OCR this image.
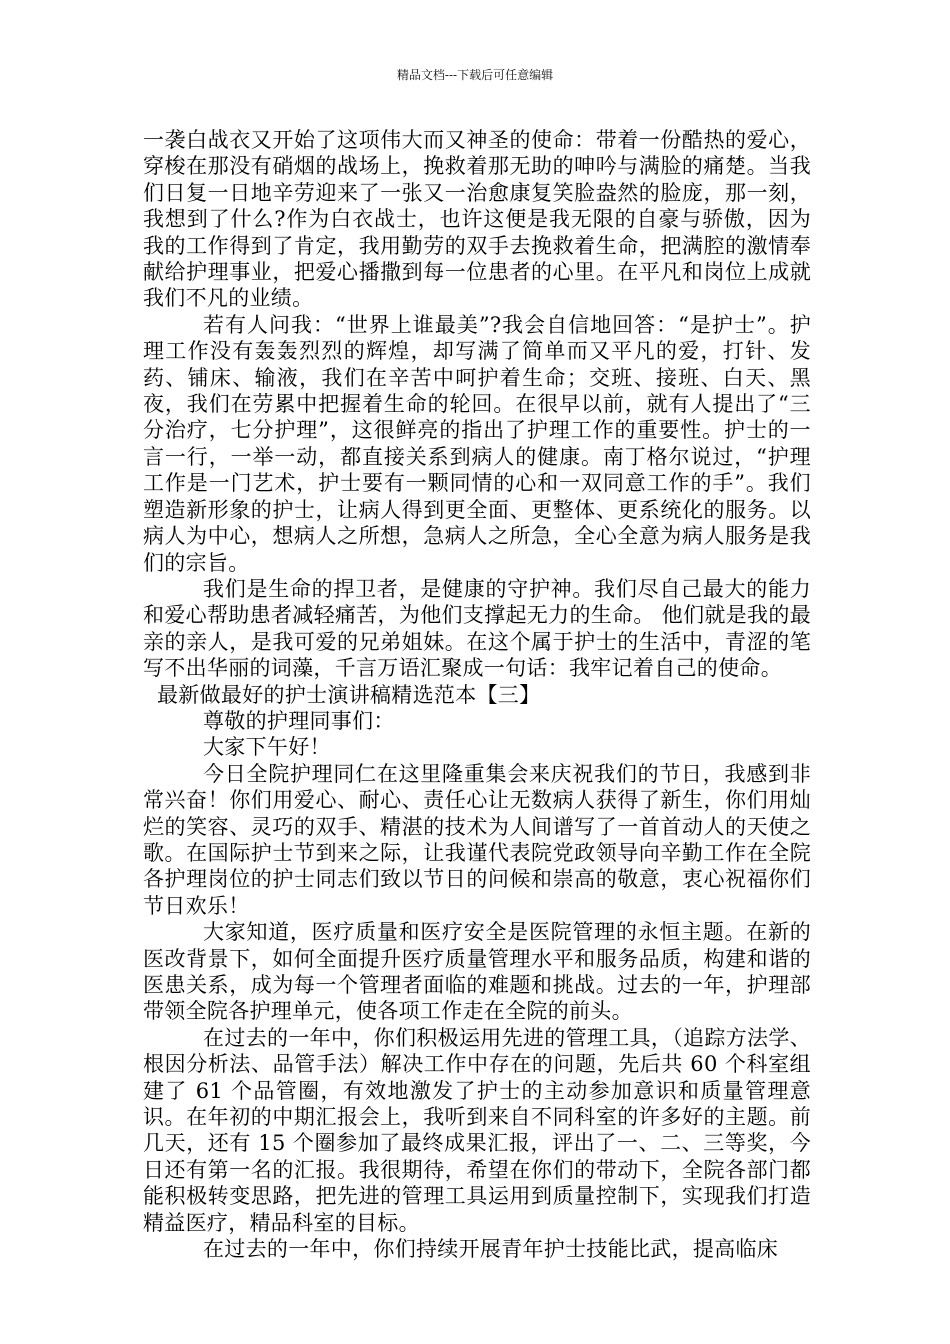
精品文档---下载后可任意编辑

一袭白战衣又开始了这项伟大而又神圣的使命：带着一份酷热的爱心，穿梭在那没有硝烟的战场上，挽救着那无助的呻吟与满脸的痛楚。当我们日复一日地辛劳迎来了一张又一治愈康复笑脸盎然的脸庞，那一刻，我想到了什么?作为白衣战士，也许这便是我无限的自豪与骄傲，因为我的工作得到了肯定，我用勤劳的双手去挽救着生命，把满腔的激情奉献给护理事业，把爱心播撒到每一位患者的心里。在平凡和岗位上成就我们不凡的业绩。

若有人问我：“世界上谁最美”?我会自信地回答：“是护士”。护理工作没有轰轰烈烈的辉煌，却写满了简单而又平凡的爱，打针、发药、铺床、输液，我们在辛苦中呵护着生命；交班、接班、白天、黑夜，我们在劳累中把握着生命的轮回。在很早以前，就有人提出了“三分治疗，七分护理”，这很鲜亮的指出了护理工作的重要性。护士的一言一行，一举一动，都直接关系到病人的健康。南丁格尔说过，“护理工作是一门艺术，护士要有一颗同情的心和一双同意工作的手”。我们塑造新形象的护士，让病人得到更全面、更整体、更系统化的服务。以病人为中心，想病人之所想，急病人之所急，全心全意为病人服务是我们的宗旨。

我们是生命的捍卫者，是健康的守护神。我们尽自己最大的能力和爱心帮助患者减轻痛苦，为他们支撑起无力的生命。 他们就是我的最亲的亲人，是我可爱的兄弟姐妹。在这个属于护士的生活中，青涩的笔写不出华丽的词藻，千言万语汇聚成一句话：我牢记着自己的使命。

最新做最好的护士演讲稿精选范本【三】

尊敬的护理同事们：

大家下午好！

今日全院护理同仁在这里隆重集会来庆祝我们的节日，我感到非常兴奋！你们用爱心、耐心、责任心让无数病人获得了新生，你们用灿烂的笑容、灵巧的双手、精湛的技术为人间谱写了一首首动人的天使之歌。在国际护士节到来之际，让我谨代表院党政领导向辛勤工作在全院各护理岗位的护士同志们致以节日的问候和崇高的敬意，衷心祝福你们节日欢乐！

大家知道，医疗质量和医疗安全是医院管理的永恒主题。在新的医改背景下，如何全面提升医疗质量管理水平和服务品质，构建和谐的医患关系，成为每一个管理者面临的难题和挑战。过去的一年，护理部带领全院各护理单元，使各项工作走在全院的前头。

在过去的一年中，你们积极运用先进的管理工具，（追踪方法学、根因分析法、品管手法）解决工作中存在的问题，先后共 60 个科室组建了 61 个品管圈，有效地激发了护士的主动参加意识和质量管理意识。在年初的中期汇报会上，我听到来自不同科室的许多好的主题。前几天，还有 15 个圈参加了最终成果汇报，评出了一、二、三等奖，今日还有第一名的汇报。我很期待，希望在你们的带动下，全院各部门都能积极转变思路，把先进的管理工具运用到质量控制下，实现我们打造精益医疗，精品科室的目标。

在过去的一年中，你们持续开展青年护士技能比武，提高临床
